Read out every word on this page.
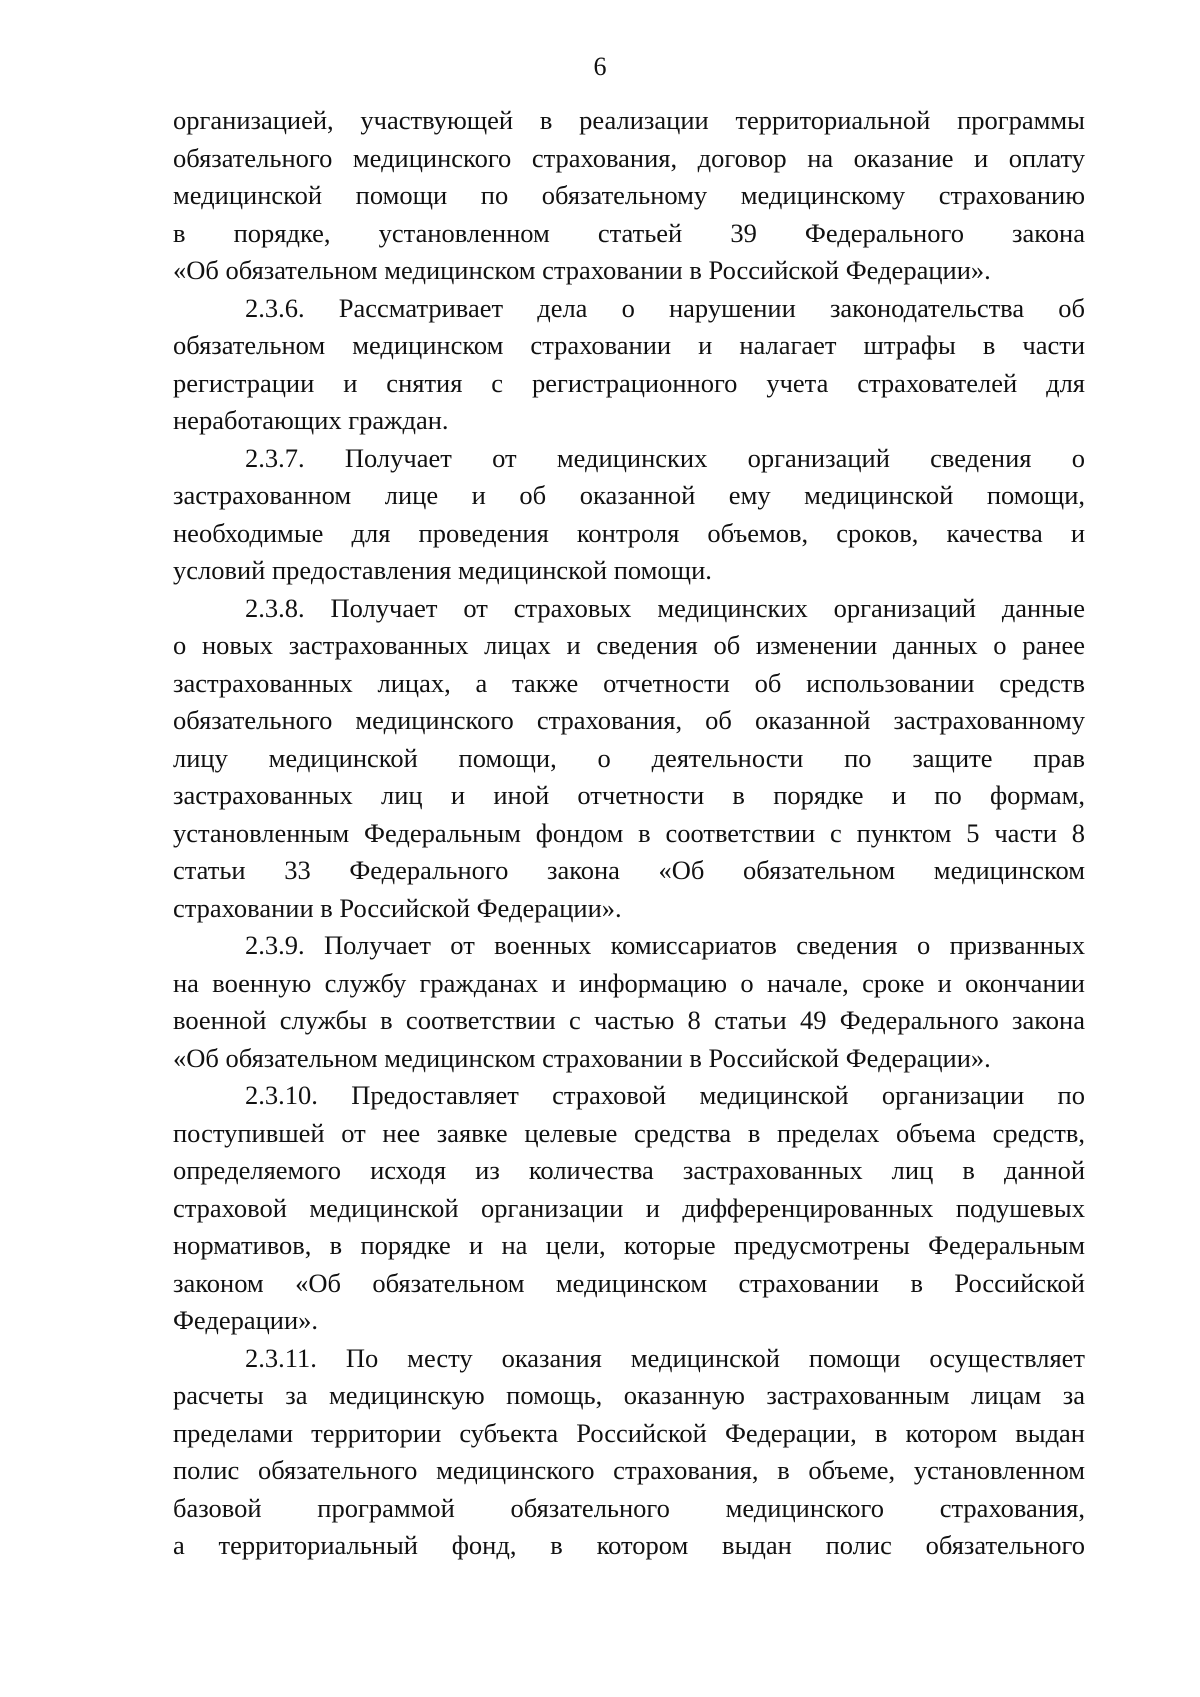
6
организацией, участвующей в реализации территориальной программы
обязательного медицинского страхования, договор на оказание и оплату
медицинской помощи по обязательному медицинскому страхованию
в порядке, установленном статьей 39 Федерального закона
«Об обязательном медицинском страховании в Российской Федерации».
2.3.6. Рассматривает дела о нарушении законодательства об
обязательном медицинском страховании и налагает штрафы в части
регистрации и снятия с регистрационного учета страхователей для
неработающих граждан.
2.3.7. Получает от медицинских организаций сведения о
застрахованном лице и об оказанной ему медицинской помощи,
необходимые для проведения контроля объемов, сроков, качества и
условий предоставления медицинской помощи.
2.3.8. Получает от страховых медицинских организаций данные
о новых застрахованных лицах и сведения об изменении данных о ранее
застрахованных лицах, а также отчетности об использовании средств
обязательного медицинского страхования, об оказанной застрахованному
лицу медицинской помощи, о деятельности по защите прав
застрахованных лиц и иной отчетности в порядке и по формам,
установленным Федеральным фондом в соответствии с пунктом 5 части 8
статьи 33 Федерального закона «Об обязательном медицинском
страховании в Российской Федерации».
2.3.9. Получает от военных комиссариатов сведения о призванных
на военную службу гражданах и информацию о начале, сроке и окончании
военной службы в соответствии с частью 8 статьи 49 Федерального закона
«Об обязательном медицинском страховании в Российской Федерации».
2.3.10. Предоставляет страховой медицинской организации по
поступившей от нее заявке целевые средства в пределах объема средств,
определяемого исходя из количества застрахованных лиц в данной
страховой медицинской организации и дифференцированных подушевых
нормативов, в порядке и на цели, которые предусмотрены Федеральным
законом «Об обязательном медицинском страховании в Российской
Федерации».
2.3.11. По месту оказания медицинской помощи осуществляет
расчеты за медицинскую помощь, оказанную застрахованным лицам за
пределами территории субъекта Российской Федерации, в котором выдан
полис обязательного медицинского страхования, в объеме, установленном
базовой программой обязательного медицинского страхования,
а территориальный фонд, в котором выдан полис обязательного
